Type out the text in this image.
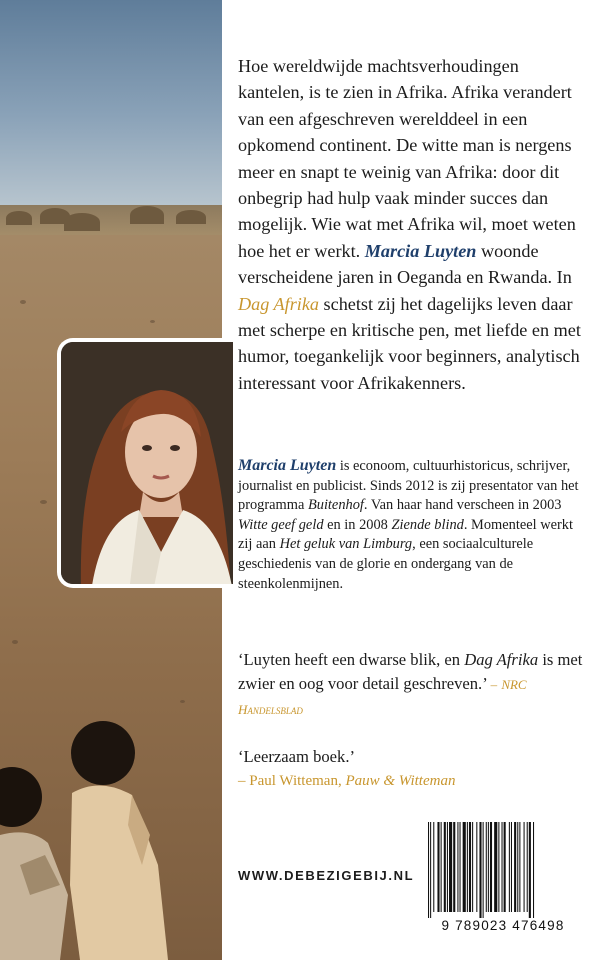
Hoe wereldwijde machtsverhoudingen kantelen, is te zien in Afrika. Afrika verandert van een afgeschreven werelddeel in een opkomend continent. De witte man is nergens meer en snapt te weinig van Afrika: door dit onbegrip had hulp vaak minder succes dan mogelijk. Wie wat met Afrika wil, moet weten hoe het er werkt. Marcia Luyten woonde verscheidene jaren in Oeganda en Rwanda. In Dag Afrika schetst zij het dagelijks leven daar met scherpe en kritische pen, met liefde en met humor, toegankelijk voor beginners, analytisch interessant voor Afrikakenners.
Marcia Luyten is econoom, cultuurhistoricus, schrijver, journalist en publicist. Sinds 2012 is zij presentator van het programma Buitenhof. Van haar hand verscheen in 2003 Witte geef geld en in 2008 Ziende blind. Momenteel werkt zij aan Het geluk van Limburg, een sociaalculturele geschiedenis van de glorie en ondergang van de steenkolenmijnen.
‘Luyten heeft een dwarse blik, en Dag Afrika is met zwier en oog voor detail geschreven.’ – NRC Handelsblad
‘Leerzaam boek.’
– Paul Witteman, Pauw & Witteman
WWW.DEBEZIGEBIJ.NL
9 789023 476498
